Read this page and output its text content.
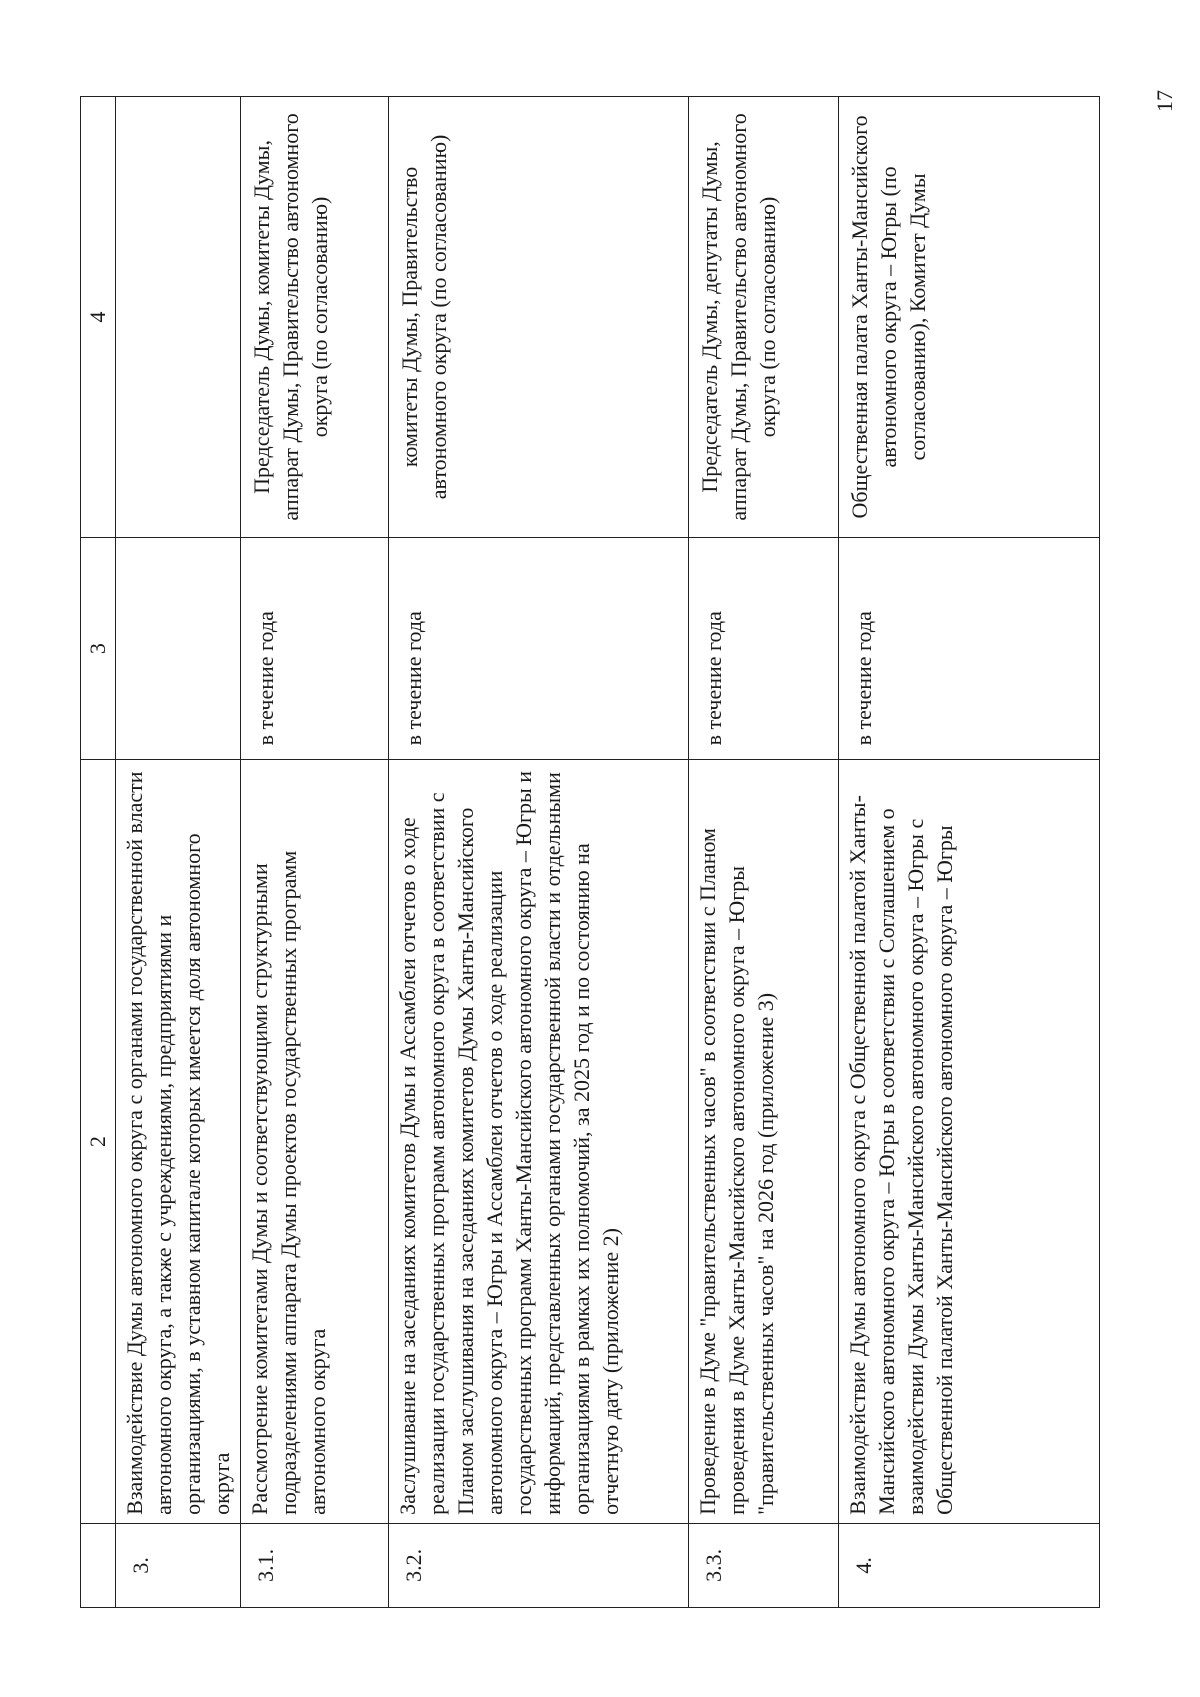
17
	2	3	4
3.	Взаимодействие Думы автономного округа с органами государственной власти автономного округа, а также с учреждениями, предприятиями и организациями, в уставном капитале которых имеется доля автономного округа		
3.1.	Рассмотрение комитетами Думы и соответствующими структурными подразделениями аппарата Думы проектов государственных программ автономного округа	в течение года	Председатель Думы, комитеты Думы, аппарат Думы, Правительство автономного округа (по согласованию)
3.2.	Заслушивание на заседаниях комитетов Думы и Ассамблеи отчетов о ходе реализации государственных программ автономного округа в соответствии с Планом заслушивания на заседаниях комитетов Думы Ханты-Мансийского автономного округа – Югры и Ассамблеи отчетов о ходе реализации государственных программ Ханты-Мансийского автономного округа – Югры и информаций, представленных органами государственной власти и отдельными организациями в рамках их полномочий, за 2025 год и по состоянию на отчетную дату (приложение 2)	в течение года	комитеты Думы, Правительство автономного округа (по согласованию)
3.3.	Проведение в Думе "правительственных часов" в соответствии с Планом проведения в Думе Ханты-Мансийского автономного округа – Югры "правительственных часов" на 2026 год (приложение 3)	в течение года	Председатель Думы, депутаты Думы, аппарат Думы, Правительство автономного округа (по согласованию)
4.	Взаимодействие Думы автономного округа с Общественной палатой Ханты-Мансийского автономного округа – Югры в соответствии с Соглашением о взаимодействии Думы Ханты-Мансийского автономного округа – Югры с Общественной палатой Ханты-Мансийского автономного округа – Югры	в течение года	Общественная палата Ханты-Мансийского автономного округа – Югры (по согласованию), Комитет Думы
